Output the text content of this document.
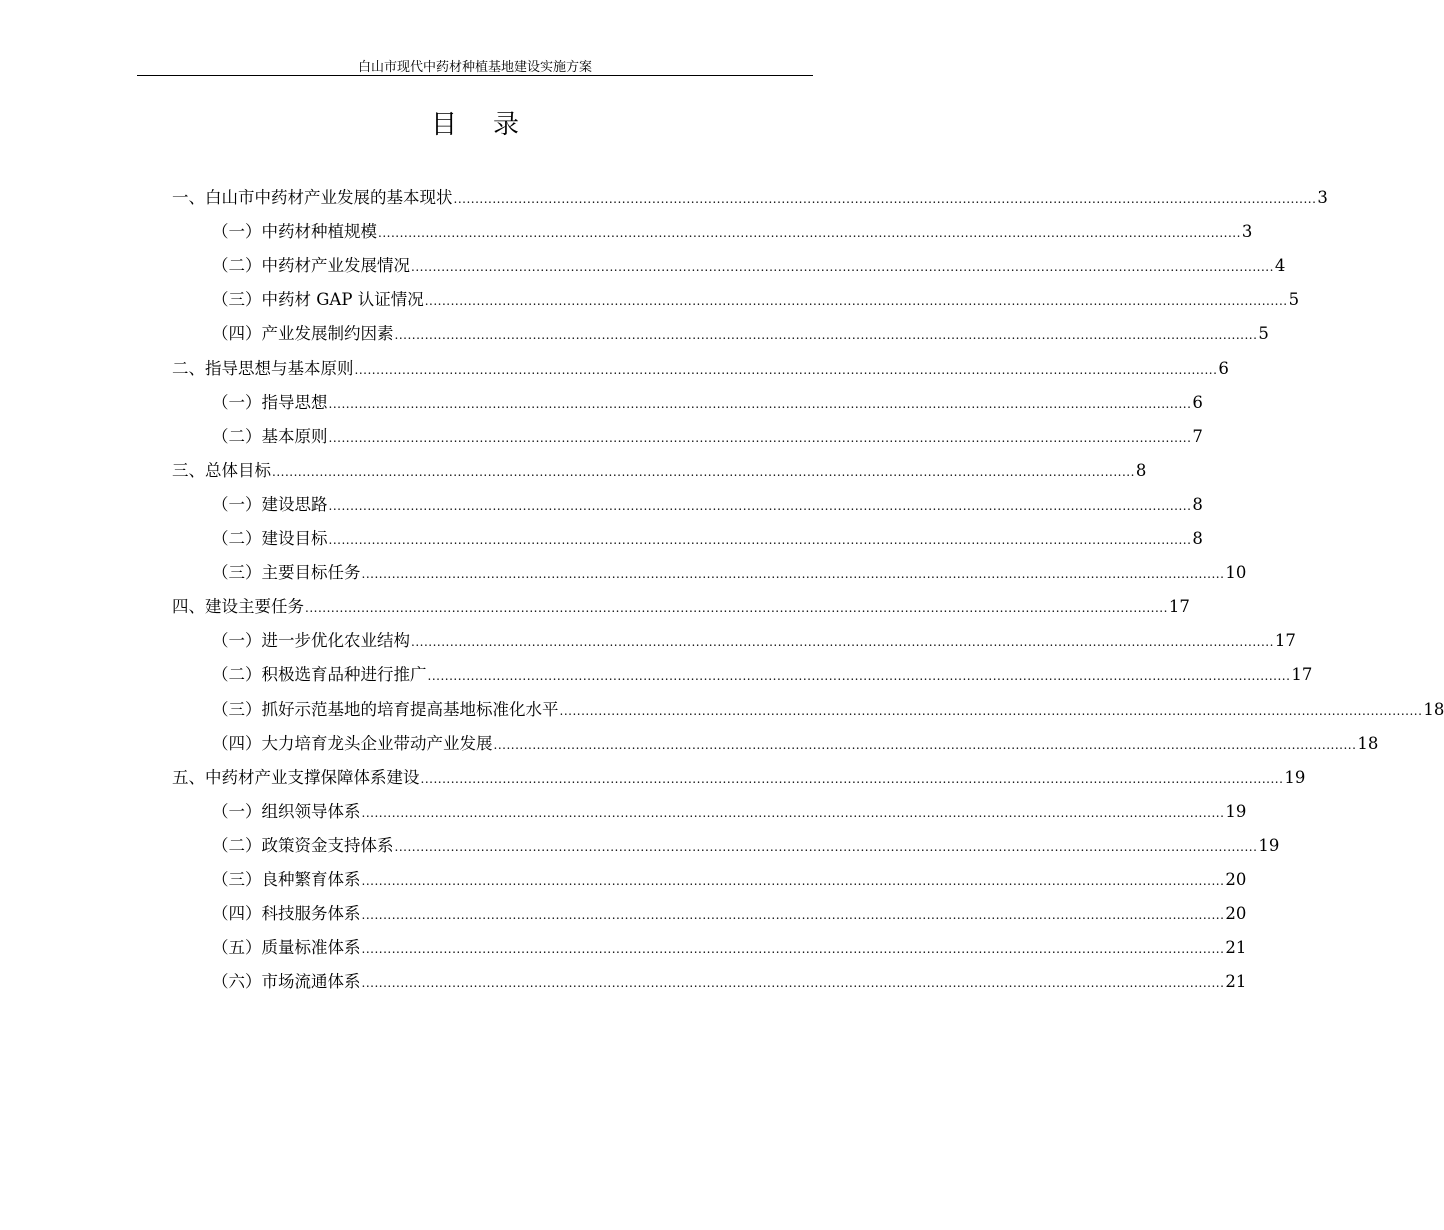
白山市现代中药材种植基地建设实施方案
目录
一、白山市中药材产业发展的基本现状 ........................................................................................................................................................................................................ 3
（一）中药材种植规模 ........................................................................................................................................................................................................ 3
（二）中药材产业发展情况 ........................................................................................................................................................................................................ 4
（三）中药材 GAP 认证情况 ........................................................................................................................................................................................................ 5
（四）产业发展制约因素 ........................................................................................................................................................................................................ 5
二、指导思想与基本原则 ........................................................................................................................................................................................................ 6
（一）指导思想 ........................................................................................................................................................................................................ 6
（二）基本原则 ........................................................................................................................................................................................................ 7
三、总体目标 ........................................................................................................................................................................................................ 8
（一）建设思路 ........................................................................................................................................................................................................ 8
（二）建设目标 ........................................................................................................................................................................................................ 8
（三）主要目标任务 ........................................................................................................................................................................................................ 10
四、建设主要任务 ........................................................................................................................................................................................................ 17
（一）进一步优化农业结构 ........................................................................................................................................................................................................ 17
（二）积极选育品种进行推广 ........................................................................................................................................................................................................ 17
（三）抓好示范基地的培育提高基地标准化水平 ........................................................................................................................................................................................................ 18
（四）大力培育龙头企业带动产业发展 ........................................................................................................................................................................................................ 18
五、中药材产业支撑保障体系建设 ........................................................................................................................................................................................................ 19
（一）组织领导体系 ........................................................................................................................................................................................................ 19
（二）政策资金支持体系 ........................................................................................................................................................................................................ 19
（三）良种繁育体系 ........................................................................................................................................................................................................ 20
（四）科技服务体系 ........................................................................................................................................................................................................ 20
（五）质量标准体系 ........................................................................................................................................................................................................ 21
（六）市场流通体系 ........................................................................................................................................................................................................ 21
